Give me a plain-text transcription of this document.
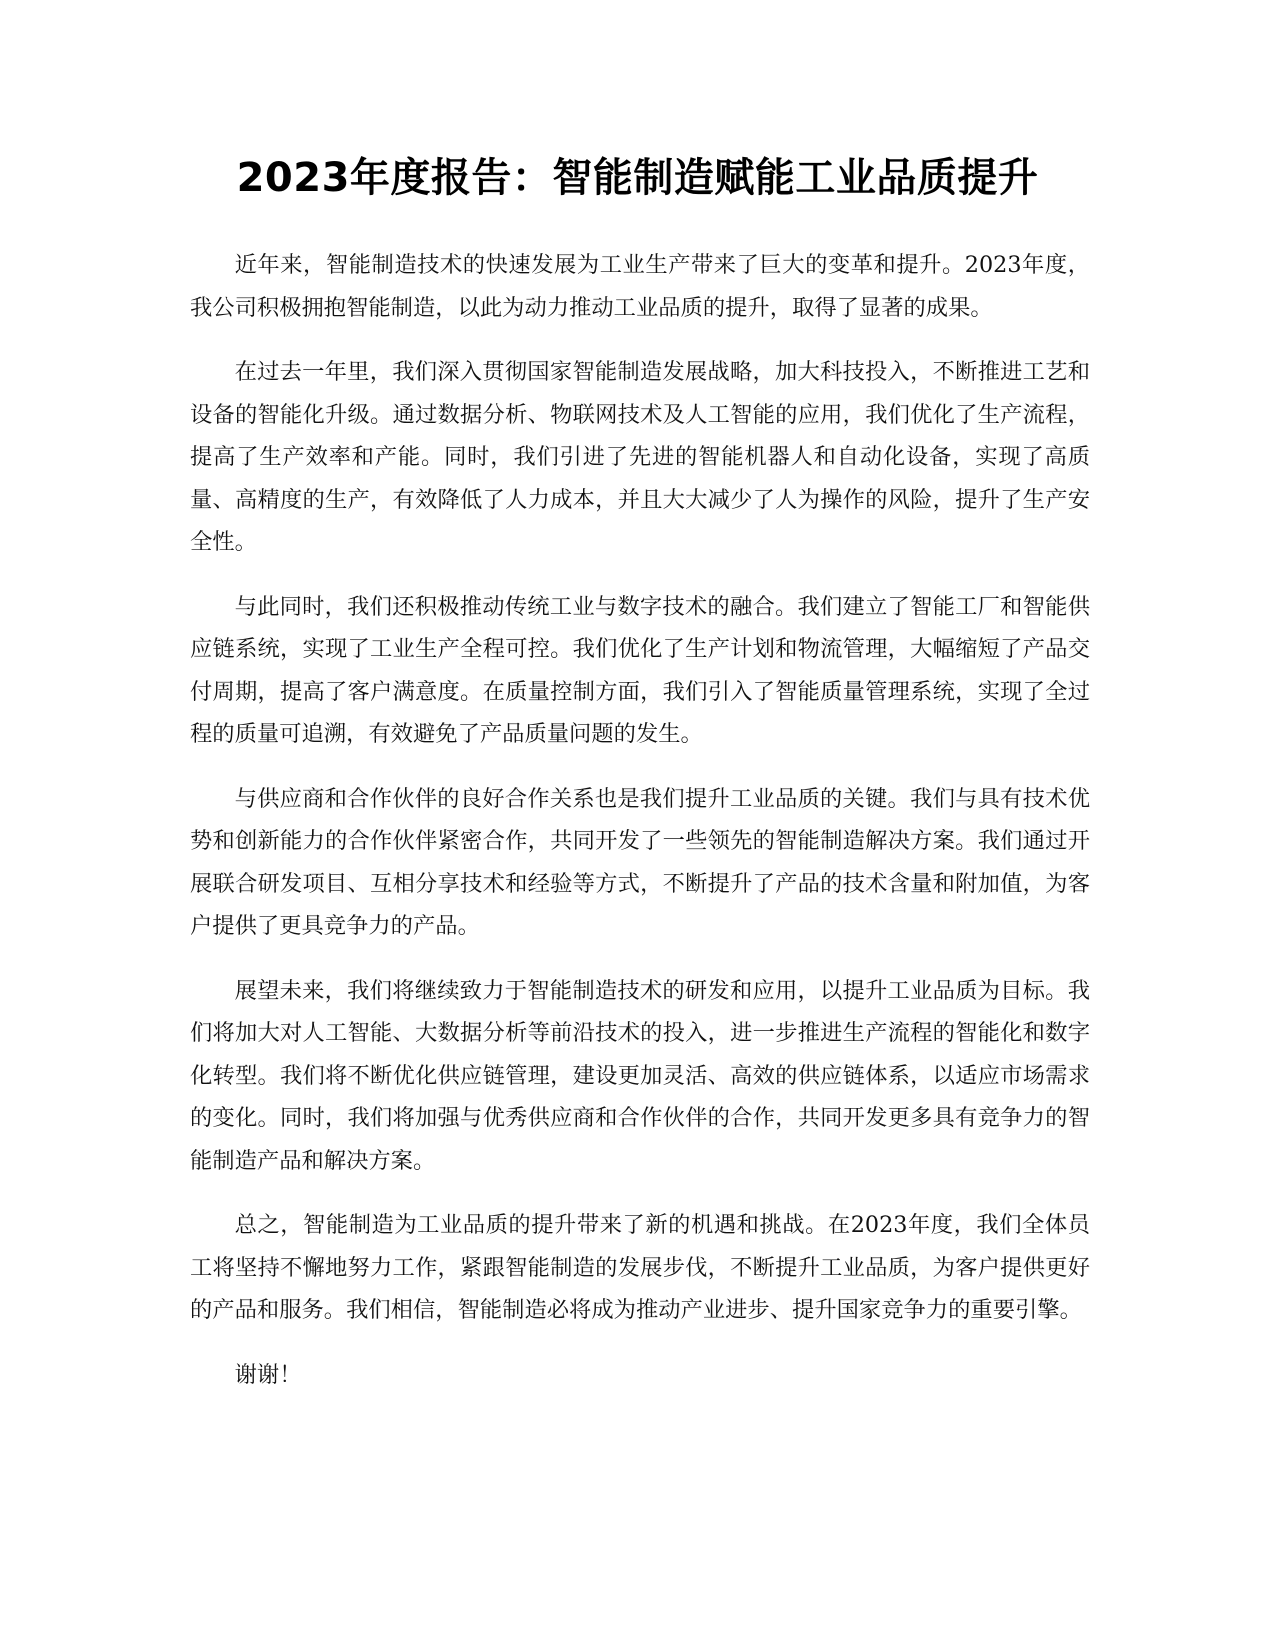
2023年度报告：智能制造赋能工业品质提升

近年来，智能制造技术的快速发展为工业生产带来了巨大的变革和提升。2023年度，我公司积极拥抱智能制造，以此为动力推动工业品质的提升，取得了显著的成果。

在过去一年里，我们深入贯彻国家智能制造发展战略，加大科技投入，不断推进工艺和设备的智能化升级。通过数据分析、物联网技术及人工智能的应用，我们优化了生产流程，提高了生产效率和产能。同时，我们引进了先进的智能机器人和自动化设备，实现了高质量、高精度的生产，有效降低了人力成本，并且大大减少了人为操作的风险，提升了生产安全性。

与此同时，我们还积极推动传统工业与数字技术的融合。我们建立了智能工厂和智能供应链系统，实现了工业生产全程可控。我们优化了生产计划和物流管理，大幅缩短了产品交付周期，提高了客户满意度。在质量控制方面，我们引入了智能质量管理系统，实现了全过程的质量可追溯，有效避免了产品质量问题的发生。

与供应商和合作伙伴的良好合作关系也是我们提升工业品质的关键。我们与具有技术优势和创新能力的合作伙伴紧密合作，共同开发了一些领先的智能制造解决方案。我们通过开展联合研发项目、互相分享技术和经验等方式，不断提升了产品的技术含量和附加值，为客户提供了更具竞争力的产品。

展望未来，我们将继续致力于智能制造技术的研发和应用，以提升工业品质为目标。我们将加大对人工智能、大数据分析等前沿技术的投入，进一步推进生产流程的智能化和数字化转型。我们将不断优化供应链管理，建设更加灵活、高效的供应链体系，以适应市场需求的变化。同时，我们将加强与优秀供应商和合作伙伴的合作，共同开发更多具有竞争力的智能制造产品和解决方案。

总之，智能制造为工业品质的提升带来了新的机遇和挑战。在2023年度，我们全体员工将坚持不懈地努力工作，紧跟智能制造的发展步伐，不断提升工业品质，为客户提供更好的产品和服务。我们相信，智能制造必将成为推动产业进步、提升国家竞争力的重要引擎。

谢谢！
